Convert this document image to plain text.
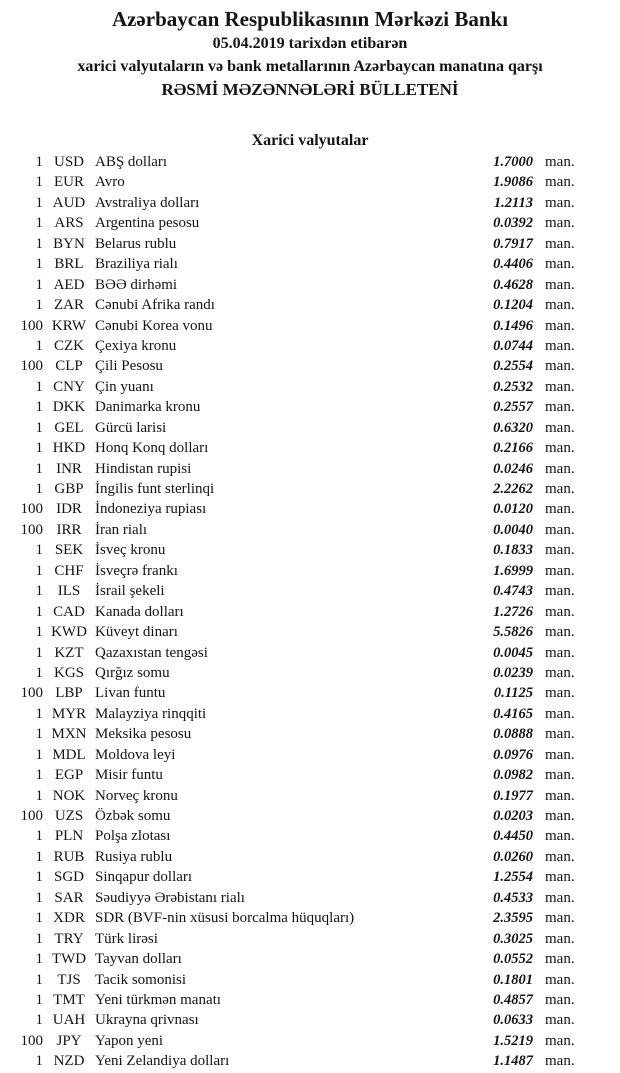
Azərbaycan Respublikasının Mərkəzi Bankı
05.04.2019 tarixdən etibarən
xarici valyutaların və bank metallarının Azərbaycan manatına qarşı
RƏSMİ MƏZƏNNƏLƏRİ BÜLLETENİ
Xarici valyutalar
1 USD ABŞ dolları	1.7000 man.
1 EUR Avro	1.9086 man.
1 AUD Avstraliya dolları	1.2113 man.
1 ARS Argentina pesosu	0.0392 man.
1 BYN Belarus rublu	0.7917 man.
1 BRL Braziliya rialı	0.4406 man.
1 AED BƏƏ dirhəmi	0.4628 man.
1 ZAR Cənubi Afrika randı	0.1204 man.
100 KRW Cənubi Korea vonu	0.1496 man.
1 CZK Çexiya kronu	0.0744 man.
100 CLP Çili Pesosu	0.2554 man.
1 CNY Çin yuanı	0.2532 man.
1 DKK Danimarka kronu	0.2557 man.
1 GEL Gürcü larisi	0.6320 man.
1 HKD Honq Konq dolları	0.2166 man.
1 INR Hindistan rupisi	0.0246 man.
1 GBP İngilis funt sterlinqi	2.2262 man.
100 IDR İndoneziya rupiası	0.0120 man.
100 IRR İran rialı	0.0040 man.
1 SEK İsveç kronu	0.1833 man.
1 CHF İsveçrə frankı	1.6999 man.
1 ILS İsrail şekeli	0.4743 man.
1 CAD Kanada dolları	1.2726 man.
1 KWD Küveyt dinarı	5.5826 man.
1 KZT Qazaxıstan tengəsi	0.0045 man.
1 KGS Qırğız somu	0.0239 man.
100 LBP Livan funtu	0.1125 man.
1 MYR Malayziya rinqqiti	0.4165 man.
1 MXN Meksika pesosu	0.0888 man.
1 MDL Moldova leyi	0.0976 man.
1 EGP Misir funtu	0.0982 man.
1 NOK Norveç kronu	0.1977 man.
100 UZS Özbək somu	0.0203 man.
1 PLN Polşa zlotası	0.4450 man.
1 RUB Rusiya rublu	0.0260 man.
1 SGD Sinqapur dolları	1.2554 man.
1 SAR Səudiyyə Ərəbistanı rialı	0.4533 man.
1 XDR SDR (BVF-nin xüsusi borcalma hüquqları)	2.3595 man.
1 TRY Türk lirəsi	0.3025 man.
1 TWD Tayvan dolları	0.0552 man.
1 TJS Tacik somonisi	0.1801 man.
1 TMT Yeni türkmən manatı	0.4857 man.
1 UAH Ukrayna qrivnası	0.0633 man.
100 JPY Yapon yeni	1.5219 man.
1 NZD Yeni Zelandiya dolları	1.1487 man.
